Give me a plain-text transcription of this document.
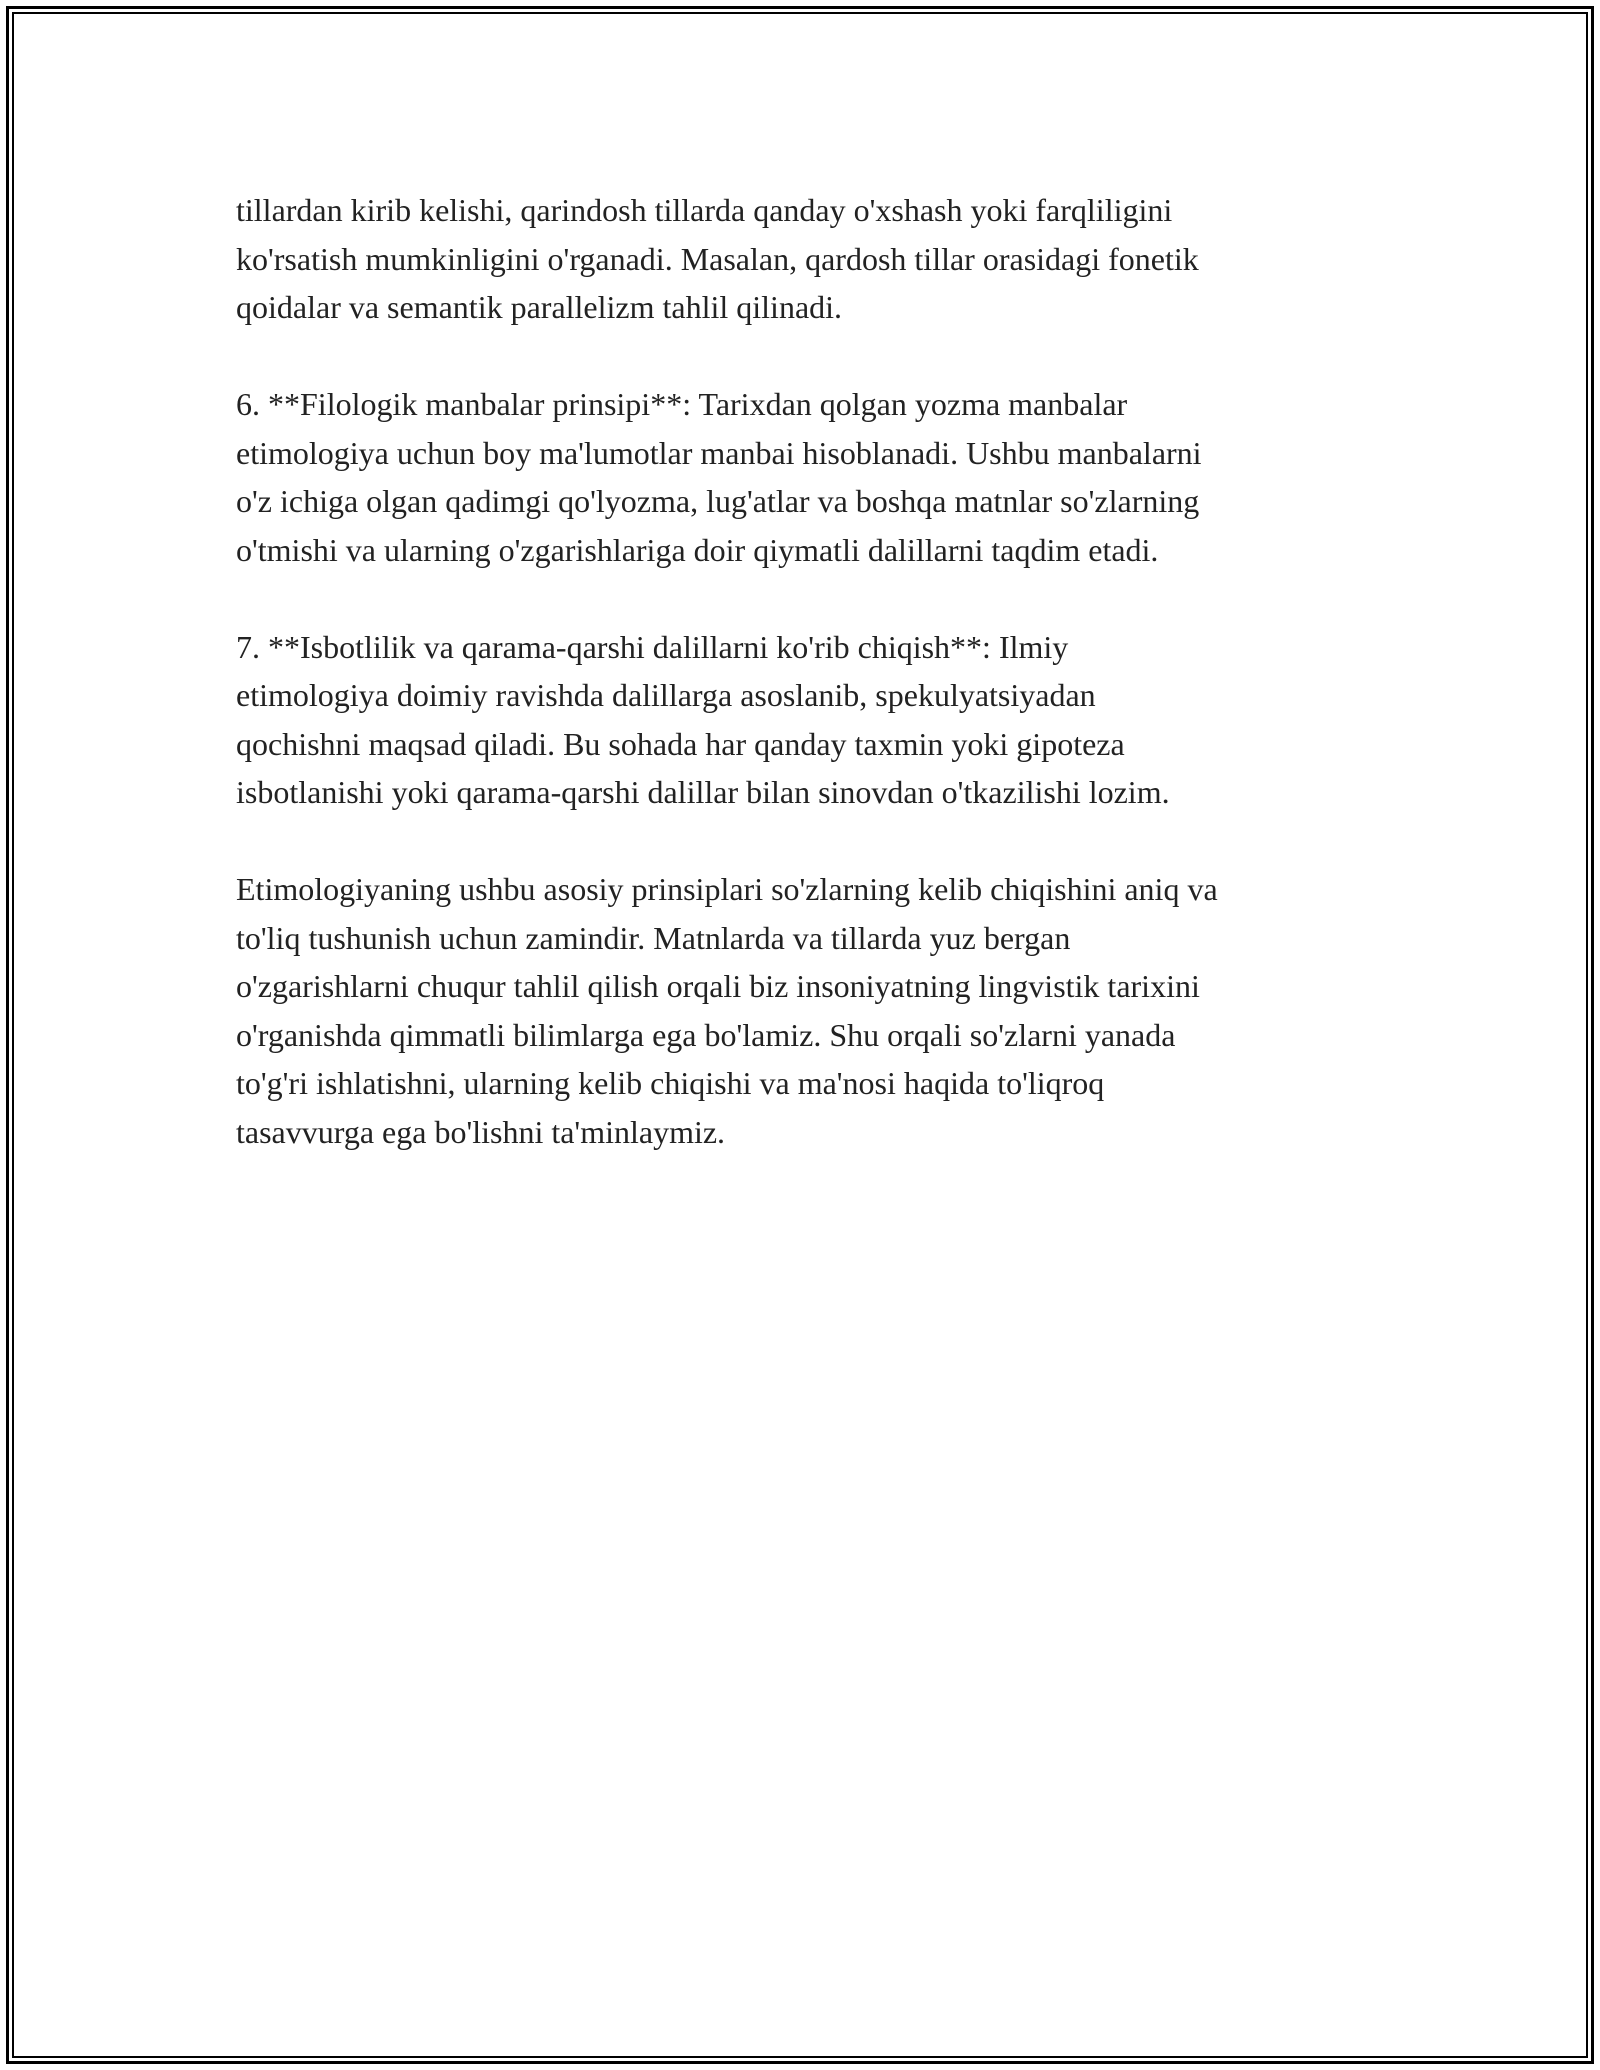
tillardan kirib kelishi, qarindosh tillarda qanday o'xshash yoki farqliligini
ko'rsatish mumkinligini o'rganadi. Masalan, qardosh tillar orasidagi fonetik
qoidalar va semantik parallelizm tahlil qilinadi.

6. **Filologik manbalar prinsipi**: Tarixdan qolgan yozma manbalar
etimologiya uchun boy ma'lumotlar manbai hisoblanadi. Ushbu manbalarni
o'z ichiga olgan qadimgi qo'lyozma, lug'atlar va boshqa matnlar so'zlarning
o'tmishi va ularning o'zgarishlariga doir qiymatli dalillarni taqdim etadi.

7. **Isbotlilik va qarama-qarshi dalillarni ko'rib chiqish**: Ilmiy
etimologiya doimiy ravishda dalillarga asoslanib, spekulyatsiyadan
qochishni maqsad qiladi. Bu sohada har qanday taxmin yoki gipoteza
isbotlanishi yoki qarama-qarshi dalillar bilan sinovdan o'tkazilishi lozim.

Etimologiyaning ushbu asosiy prinsiplari so'zlarning kelib chiqishini aniq va
to'liq tushunish uchun zamindir. Matnlarda va tillarda yuz bergan
o'zgarishlarni chuqur tahlil qilish orqali biz insoniyatning lingvistik tarixini
o'rganishda qimmatli bilimlarga ega bo'lamiz. Shu orqali so'zlarni yanada
to'g'ri ishlatishni, ularning kelib chiqishi va ma'nosi haqida to'liqroq
tasavvurga ega bo'lishni ta'minlaymiz.
